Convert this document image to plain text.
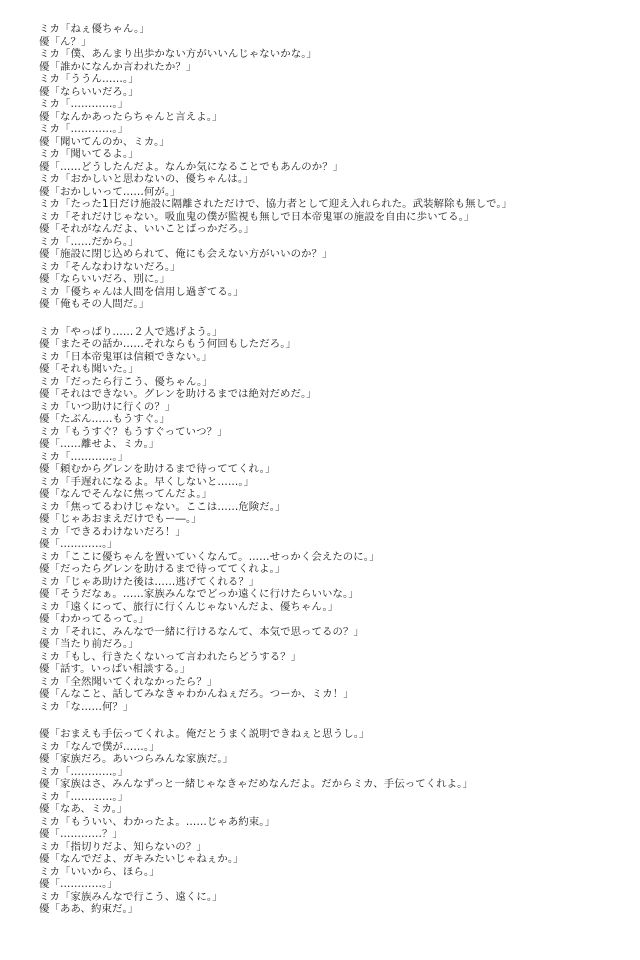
ミカ「ねぇ優ちゃん。」
優「ん？」
ミカ「僕、あんまり出歩かない方がいいんじゃないかな。」
優「誰かになんか言われたか？」
ミカ「ううん……。」
優「ならいいだろ。」
ミカ「…………。」
優「なんかあったらちゃんと言えよ。」
ミカ「…………。」
優「聞いてんのか、ミカ。」
ミカ「聞いてるよ。」
優「……どうしたんだよ。なんか気になることでもあんのか？」
ミカ「おかしいと思わないの、優ちゃんは。」
優「おかしいって……何が。」
ミカ「たった1日だけ施設に隔離されただけで、協力者として迎え入れられた。武装解除も無しで。」
ミカ「それだけじゃない。吸血鬼の僕が監視も無しで日本帝鬼軍の施設を自由に歩いてる。」
優「それがなんだよ、いいことばっかだろ。」
ミカ「……だから。」
優「施設に閉じ込められて、俺にも会えない方がいいのか？」
ミカ「そんなわけないだろ。」
優「ならいいだろ、別に。」
ミカ「優ちゃんは人間を信用し過ぎてる。」
優「俺もその人間だ。」
ミカ「やっぱり……２人で逃げよう。」
優「またその話か……それならもう何回もしただろ。」
ミカ「日本帝鬼軍は信頼できない。」
優「それも聞いた。」
ミカ「だったら行こう、優ちゃん。」
優「それはできない。グレンを助けるまでは絶対だめだ。」
ミカ「いつ助けに行くの？」
優「たぶん……もうすぐ。」
ミカ「もうすぐ？もうすぐっていつ？」
優「……離せよ、ミカ。」
ミカ「…………。」
優「頼むからグレンを助けるまで待っててくれ。」
ミカ「手遅れになるよ。早くしないと……。」
優「なんでそんなに焦ってんだよ。」
ミカ「焦ってるわけじゃない。ここは……危険だ。」
優「じゃあおまえだけでもー―。」
ミカ「できるわけないだろ！」
優「…………。」
ミカ「ここに優ちゃんを置いていくなんて。……せっかく会えたのに。」
優「だったらグレンを助けるまで待っててくれよ。」
ミカ「じゃあ助けた後は……逃げてくれる？」
優「そうだなぁ。……家族みんなでどっか遠くに行けたらいいな。」
ミカ「遠くにって、旅行に行くんじゃないんだよ、優ちゃん。」
優「わかってるって。」
ミカ「それに、みんなで一緒に行けるなんて、本気で思ってるの？」
優「当たり前だろ。」
ミカ「もし、行きたくないって言われたらどうする？」
優「話す。いっぱい相談する。」
ミカ「全然聞いてくれなかったら？」
優「んなこと、話してみなきゃわかんねぇだろ。つーか、ミカ！」
ミカ「な……何？」
優「おまえも手伝ってくれよ。俺だとうまく説明できねぇと思うし。」
ミカ「なんで僕が……。」
優「家族だろ。あいつらみんな家族だ。」
ミカ「…………。」
優「家族はさ、みんなずっと一緒じゃなきゃだめなんだよ。だからミカ、手伝ってくれよ。」
ミカ「…………。」
優「なあ、ミカ。」
ミカ「もういい、わかったよ。……じゃあ約束。」
優「…………？」
ミカ「指切りだよ、知らないの？」
優「なんでだよ、ガキみたいじゃねぇか。」
ミカ「いいから、ほら。」
優「…………。」
ミカ「家族みんなで行こう、遠くに。」
優「ああ、約束だ。」
